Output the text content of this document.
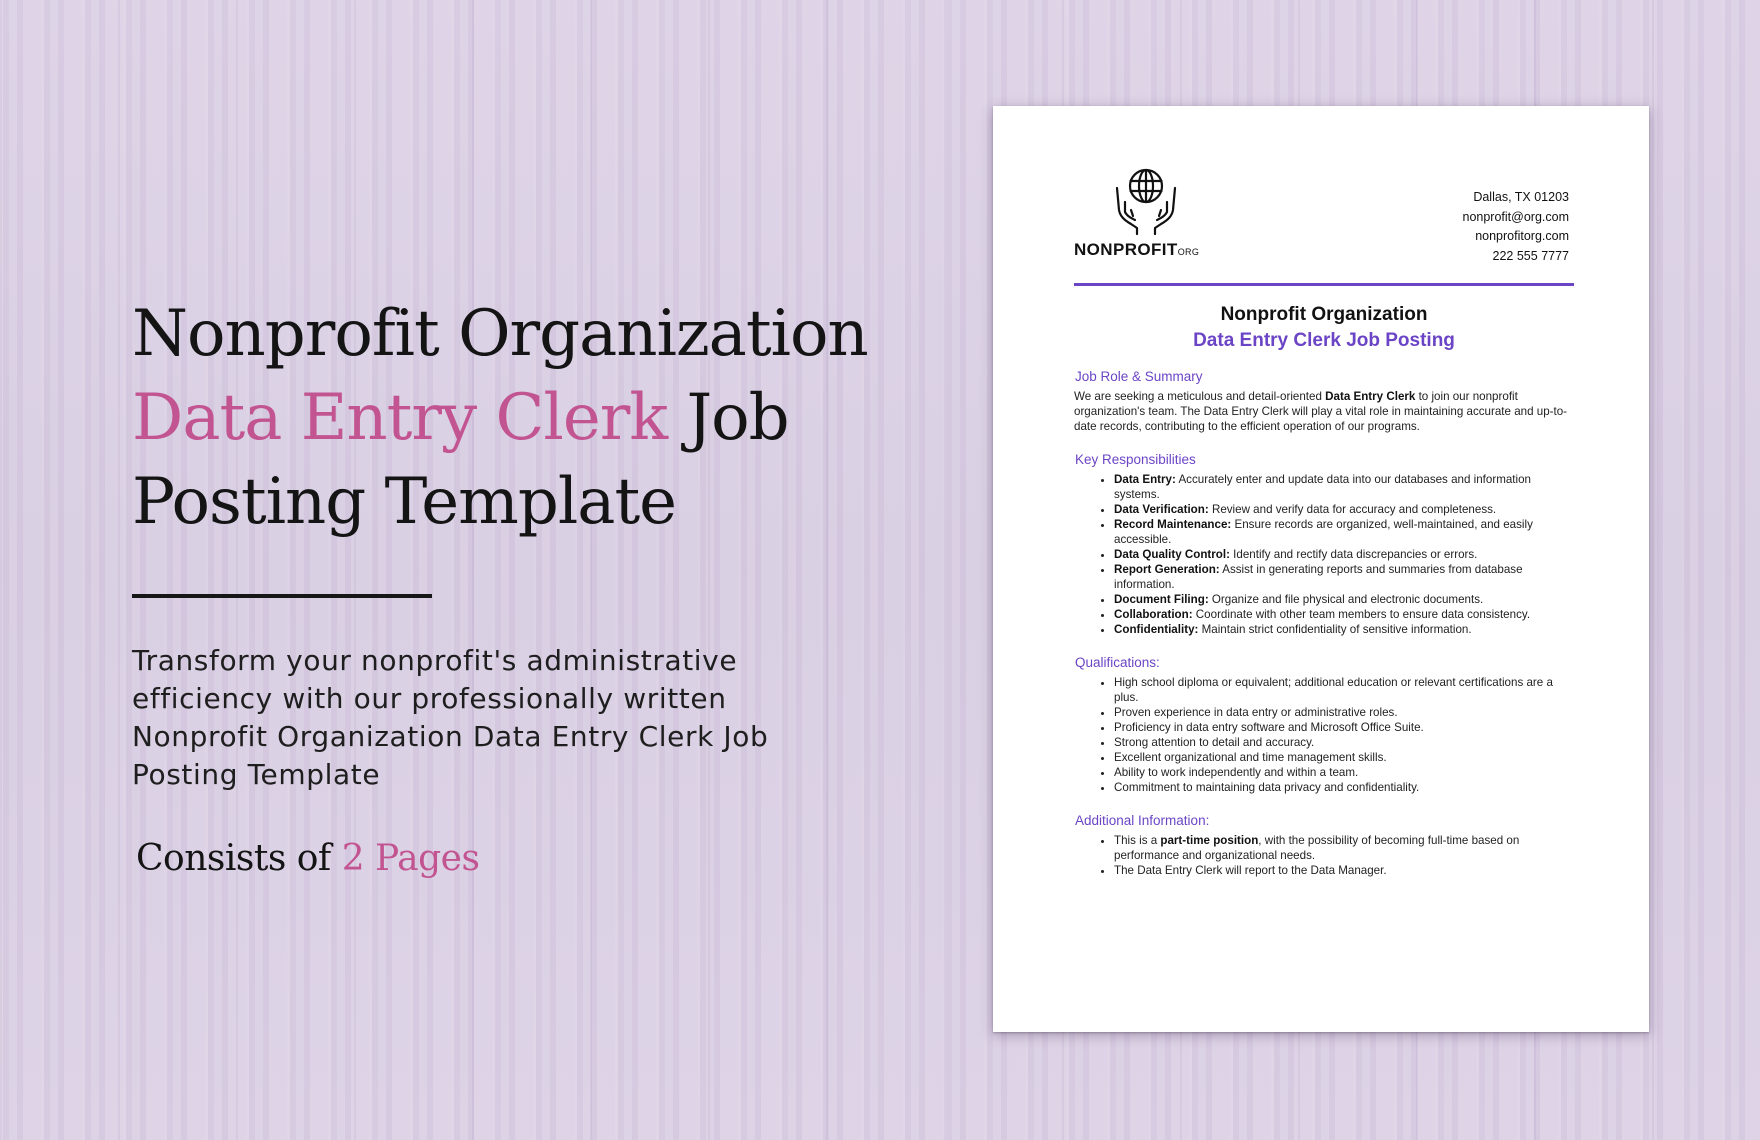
Nonprofit Organization
Data Entry Clerk Job
Posting Template

Transform your nonprofit's administrative efficiency with our professionally written Nonprofit Organization Data Entry Clerk Job Posting Template

Consists of 2 Pages
NONPROFITORG
Dallas, TX 01203
nonprofit@org.com
nonprofitorg.com
222 555 7777
Nonprofit Organization
Data Entry Clerk Job Posting
Job Role & Summary

We are seeking a meticulous and detail-oriented Data Entry Clerk to join our nonprofit organization's team. The Data Entry Clerk will play a vital role in maintaining accurate and up-to-date records, contributing to the efficient operation of our programs.

Key Responsibilities
• Data Entry: Accurately enter and update data into our databases and information systems.
• Data Verification: Review and verify data for accuracy and completeness.
• Record Maintenance: Ensure records are organized, well-maintained, and easily accessible.
• Data Quality Control: Identify and rectify data discrepancies or errors.
• Report Generation: Assist in generating reports and summaries from database information.
• Document Filing: Organize and file physical and electronic documents.
• Collaboration: Coordinate with other team members to ensure data consistency.
• Confidentiality: Maintain strict confidentiality of sensitive information.
Qualifications:
• High school diploma or equivalent; additional education or relevant certifications are a plus.
• Proven experience in data entry or administrative roles.
• Proficiency in data entry software and Microsoft Office Suite.
• Strong attention to detail and accuracy.
• Excellent organizational and time management skills.
• Ability to work independently and within a team.
• Commitment to maintaining data privacy and confidentiality.
Additional Information:
• This is a part-time position, with the possibility of becoming full-time based on performance and organizational needs.
• The Data Entry Clerk will report to the Data Manager.
